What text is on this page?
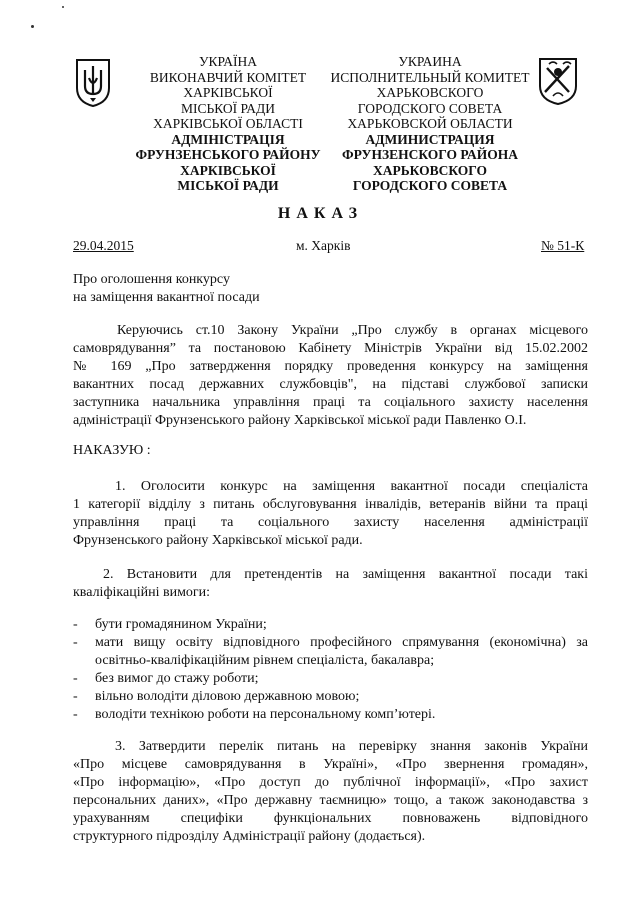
УКРАЇНА
ВИКОНАВЧИЙ КОМІТЕТ
ХАРКІВСЬКОЇ
МІСЬКОЇ РАДИ
ХАРКІВСЬКОЇ ОБЛАСТІ
АДМІНІСТРАЦІЯ
ФРУНЗЕНСЬКОГО РАЙОНУ
ХАРКІВСЬКОЇ
МІСЬКОЇ РАДИ
УКРАИНА
ИСПОЛНИТЕЛЬНЫЙ КОМИТЕТ
ХАРЬКОВСКОГО
ГОРОДСКОГО СОВЕТА
ХАРЬКОВСКОЙ ОБЛАСТИ
АДМИНИСТРАЦИЯ
ФРУНЗЕНСКОГО РАЙОНА
ХАРЬКОВСКОГО
ГОРОДСКОГО СОВЕТА
НАКАЗ
29.04.2015	м. Харків	№ 51-К
Про оголошення конкурсу
на заміщення вакантної посади
Керуючись ст.10 Закону України „Про службу в органах місцевого
самоврядування” та постановою Кабінету Міністрів України від 15.02.2002
№ 169 „Про затвердження порядку проведення конкурсу на заміщення
вакантних посад державних службовців", на підставі службової записки
заступника начальника управління праці та соціального захисту населення
адміністрації Фрунзенського району Харківської міської ради Павленко О.І.
НАКАЗУЮ :
1. Оголосити конкурс на заміщення вакантної посади спеціаліста
1 категорії відділу з питань обслуговування інвалідів, ветеранів війни та праці
управління праці та соціального захисту населення адміністрації
Фрунзенського району Харківської міської ради.
2. Встановити для претендентів на заміщення вакантної посади такі
кваліфікаційні вимоги:
-	бути громадянином України;
-	мати вищу освіту відповідного професійного спрямування (економічна) за
освітньо-кваліфікаційним рівнем спеціаліста, бакалавра;
-	без вимог до стажу роботи;
-	вільно володіти діловою державною мовою;
-	володіти технікою роботи на персональному комп’ютері.
3. Затвердити перелік питань на перевірку знання законів України
«Про місцеве самоврядування в Україні», «Про звернення громадян»,
«Про інформацію», «Про доступ до публічної інформації», «Про захист
персональних даних», «Про державну таємницю» тощо, а також законодавства з
урахуванням специфіки функціональних повноважень відповідного
структурного підрозділу Адміністрації району (додається).
